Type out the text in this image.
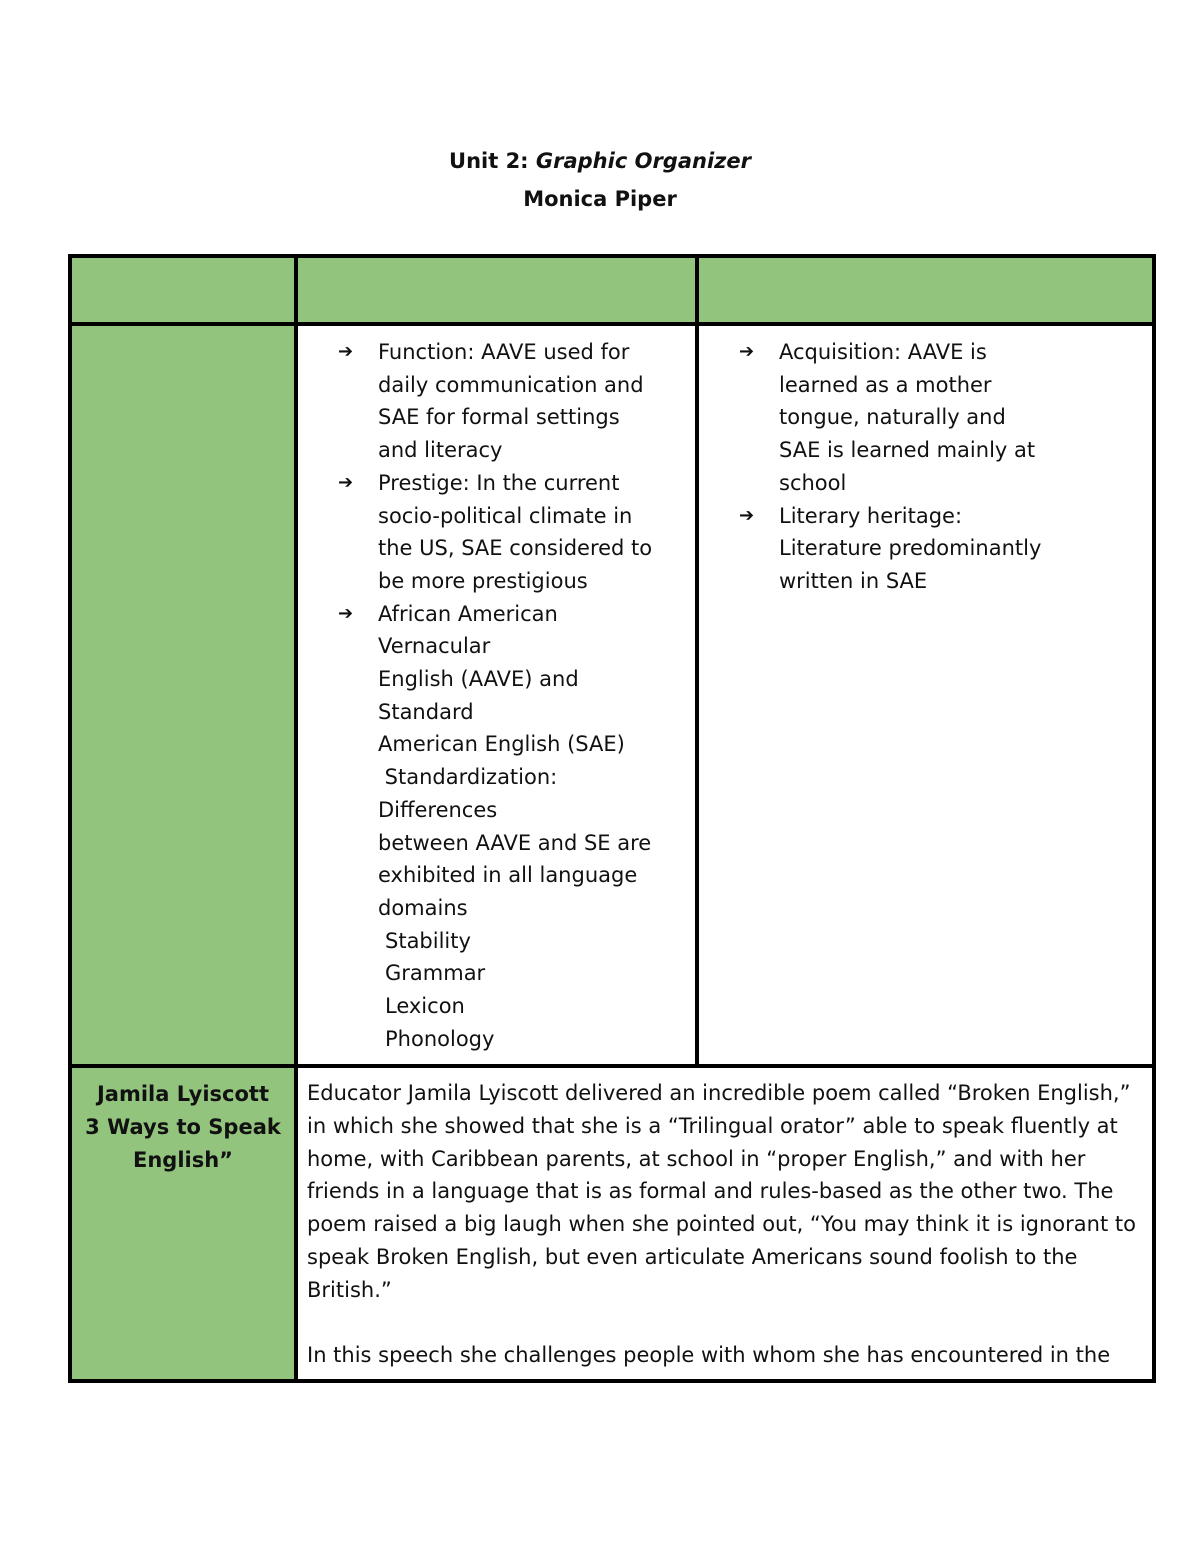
Unit 2: Graphic Organizer
Monica Piper
➔ Function: AAVE used for
daily communication and
SAE for formal settings
and literacy
➔ Prestige: In the current
socio-political climate in
the US, SAE considered to
be more prestigious
➔ African American
Vernacular
English (AAVE) and
Standard
American English (SAE)
Standardization:
Differences
between AAVE and SE are
exhibited in all language
domains
Stability
Grammar
Lexicon
Phonology
➔ Acquisition: AAVE is
learned as a mother
tongue, naturally and
SAE is learned mainly at
school
➔ Literary heritage:
Literature predominantly
written in SAE
Jamila Lyiscott
3 Ways to Speak
English”

Educator Jamila Lyiscott delivered an incredible poem called “Broken English,” in which she showed that she is a “Trilingual orator” able to speak fluently at home, with Caribbean parents, at school in “proper English,” and with her friends in a language that is as formal and rules-based as the other two. The poem raised a big laugh when she pointed out, “You may think it is ignorant to speak Broken English, but even articulate Americans sound foolish to the British.”

In this speech she challenges people with whom she has encountered in the
